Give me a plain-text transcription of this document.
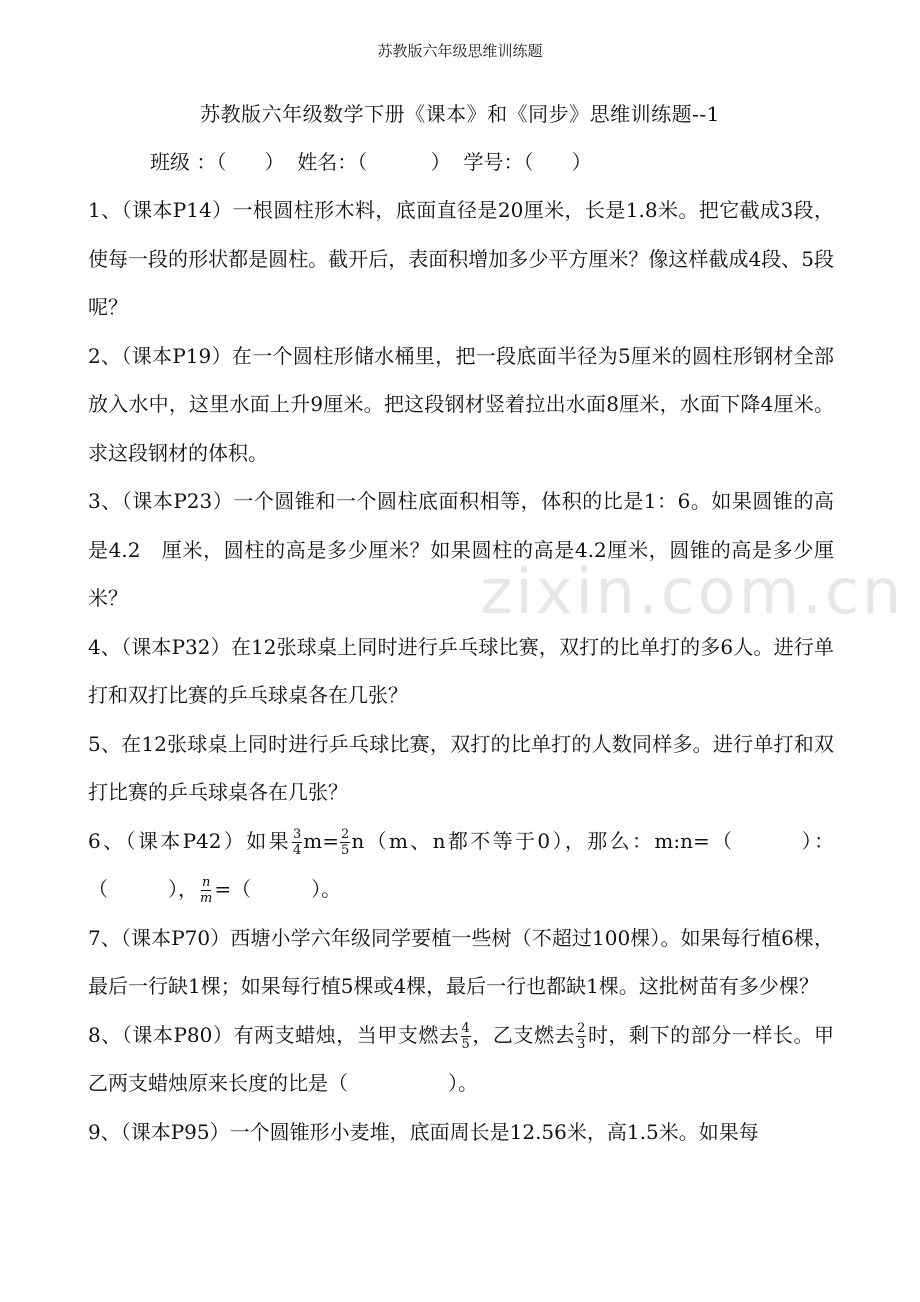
苏教版六年级思维训练题
苏教版六年级数学下册《课本》和《同步》思维训练题--1
班级 ：（      ）  姓名：（          ）  学号：（      ）
zixin.com.cn

1、（课本P14）一根圆柱形木料，底面直径是20厘米，长是1.8米。把它截成3段，使每一段的形状都是圆柱。截开后，表面积增加多少平方厘米？像这样截成4段、5段呢？

2、（课本P19）在一个圆柱形储水桶里，把一段底面半径为5厘米的圆柱形钢材全部放入水中，这里水面上升9厘米。把这段钢材竖着拉出水面8厘米，水面下降4厘米。求这段钢材的体积。

3、（课本P23）一个圆锥和一个圆柱底面积相等，体积的比是1：6。如果圆锥的高是4.2　厘米，圆柱的高是多少厘米？如果圆柱的高是4.2厘米，圆锥的高是多少厘米？

4、（课本P32）在12张球桌上同时进行乒乓球比赛，双打的比单打的多6人。进行单打和双打比赛的乒乓球桌各在几张？

5、在12张球桌上同时进行乒乓球比赛，双打的比单打的人数同样多。进行单打和双打比赛的乒乓球桌各在几张？

6、（课本P42）如果 $\frac{3}{4} m= \frac{2}{5} n(m$、n都不等于0），那么：m:n=（　　　）：（　　　）， $\frac{n}{m}$ =（　　　）。

7、（课本P70）西塘小学六年级同学要植一些树（不超过100棵）。如果每行植6棵，最后一行缺1棵；如果每行植5棵或4棵，最后一行也都缺1棵。这批树苗有多少棵？

8、（课本P80）有两支蜡烛，当甲支燃去 $\frac{4}{5}$ ，乙支燃去 $\frac{2}{3}$ 时，剩下的部分一样长。甲乙两支蜡烛原来长度的比是（　　　　　）。

9、（课本P95）一个圆锥形小麦堆，底面周长是12.56米，高1.5米。如果每
